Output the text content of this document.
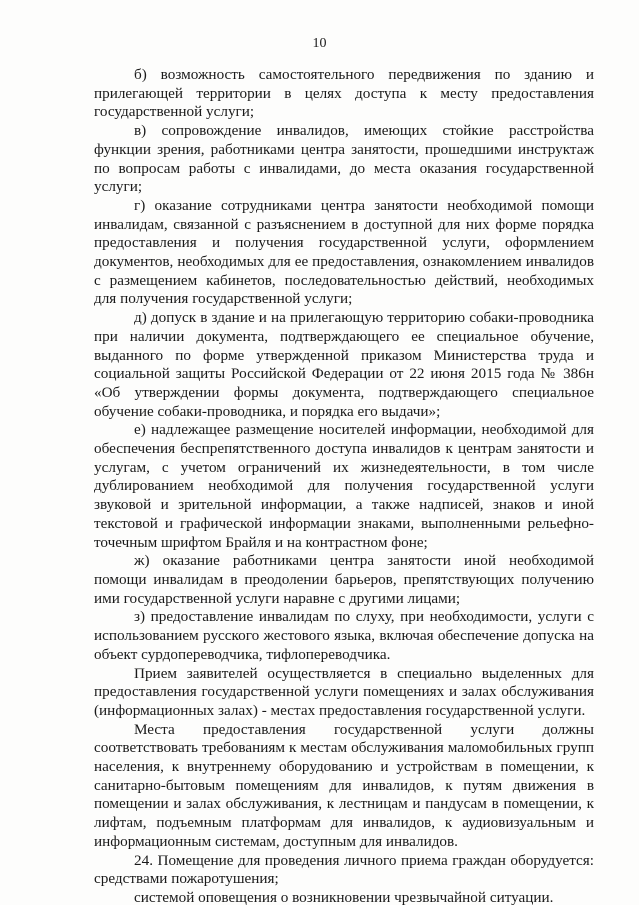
10

б) возможность самостоятельного передвижения по зданию и прилегающей территории в целях доступа к месту предоставления государственной услуги;

в) сопровождение инвалидов, имеющих стойкие расстройства функции зрения, работниками центра занятости, прошедшими инструктаж по вопросам работы с инвалидами, до места оказания государственной услуги;

г) оказание сотрудниками центра занятости необходимой помощи инвалидам, связанной с разъяснением в доступной для них форме порядка предоставления и получения государственной услуги, оформлением документов, необходимых для ее предоставления, ознакомлением инвалидов с размещением кабинетов, последовательностью действий, необходимых для получения государственной услуги;

д) допуск в здание и на прилегающую территорию собаки-проводника при наличии документа, подтверждающего ее специальное обучение, выданного по форме утвержденной приказом Министерства труда и социальной защиты Российской Федерации от 22 июня 2015 года № 386н «Об утверждении формы документа, подтверждающего специальное обучение собаки-проводника, и порядка его выдачи»;

е) надлежащее размещение носителей информации, необходимой для обеспечения беспрепятственного доступа инвалидов к центрам занятости и услугам, с учетом ограничений их жизнедеятельности, в том числе дублированием необходимой для получения государственной услуги звуковой и зрительной информации, а также надписей, знаков и иной текстовой и графической информации знаками, выполненными рельефно-точечным шрифтом Брайля и на контрастном фоне;

ж) оказание работниками центра занятости иной необходимой помощи инвалидам в преодолении барьеров, препятствующих получению ими государственной услуги наравне с другими лицами;

з) предоставление инвалидам по слуху, при необходимости, услуги с использованием русского жестового языка, включая обеспечение допуска на объект сурдопереводчика, тифлопереводчика.

Прием заявителей осуществляется в специально выделенных для предоставления государственной услуги помещениях и залах обслуживания (информационных залах) - местах предоставления государственной услуги.

Места предоставления государственной услуги должны соответствовать требованиям к местам обслуживания маломобильных групп населения, к внутреннему оборудованию и устройствам в помещении, к санитарно-бытовым помещениям для инвалидов, к путям движения в помещении и залах обслуживания, к лестницам и пандусам в помещении, к лифтам, подъемным платформам для инвалидов, к аудиовизуальным и информационным системам, доступным для инвалидов.

24. Помещение для проведения личного приема граждан оборудуется: средствами пожаротушения;

системой оповещения о возникновении чрезвычайной ситуации.
